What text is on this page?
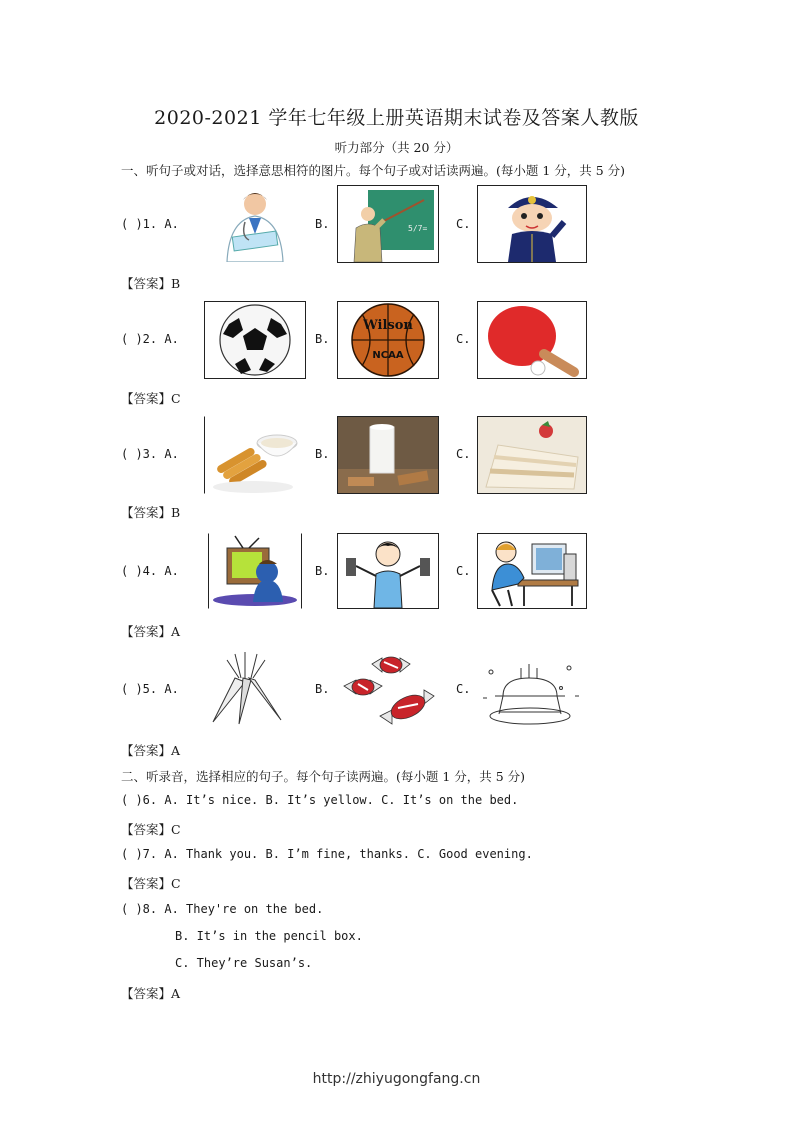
2020-2021 学年七年级上册英语期末试卷及答案人教版
听力部分（共 20 分）
一、听句子或对话，选择意思相符的图片。每个句子或对话读两遍。(每小题 1 分，共 5 分)
( )1. A.	B.	5/7= C.
【答案】B
( )2. A.	B.
Wilson
NCAA
C.
【答案】C
( )3. A.	B.	C.
【答案】B
( )4. A.	B.	C.
【答案】A
( )5. A.	B.	C.
【答案】A
二、听录音，选择相应的句子。每个句子读两遍。(每小题 1 分，共 5 分)
( )6. A. It’s nice. B. It’s yellow. C. It’s on the bed.
【答案】C
( )7. A. Thank you. B. I’m fine, thanks. C. Good evening.
【答案】C
( )8. A. They're on the bed.
B. It’s in the pencil box.
C. They’re Susan’s.
【答案】A
http://zhiyugongfang.cn
